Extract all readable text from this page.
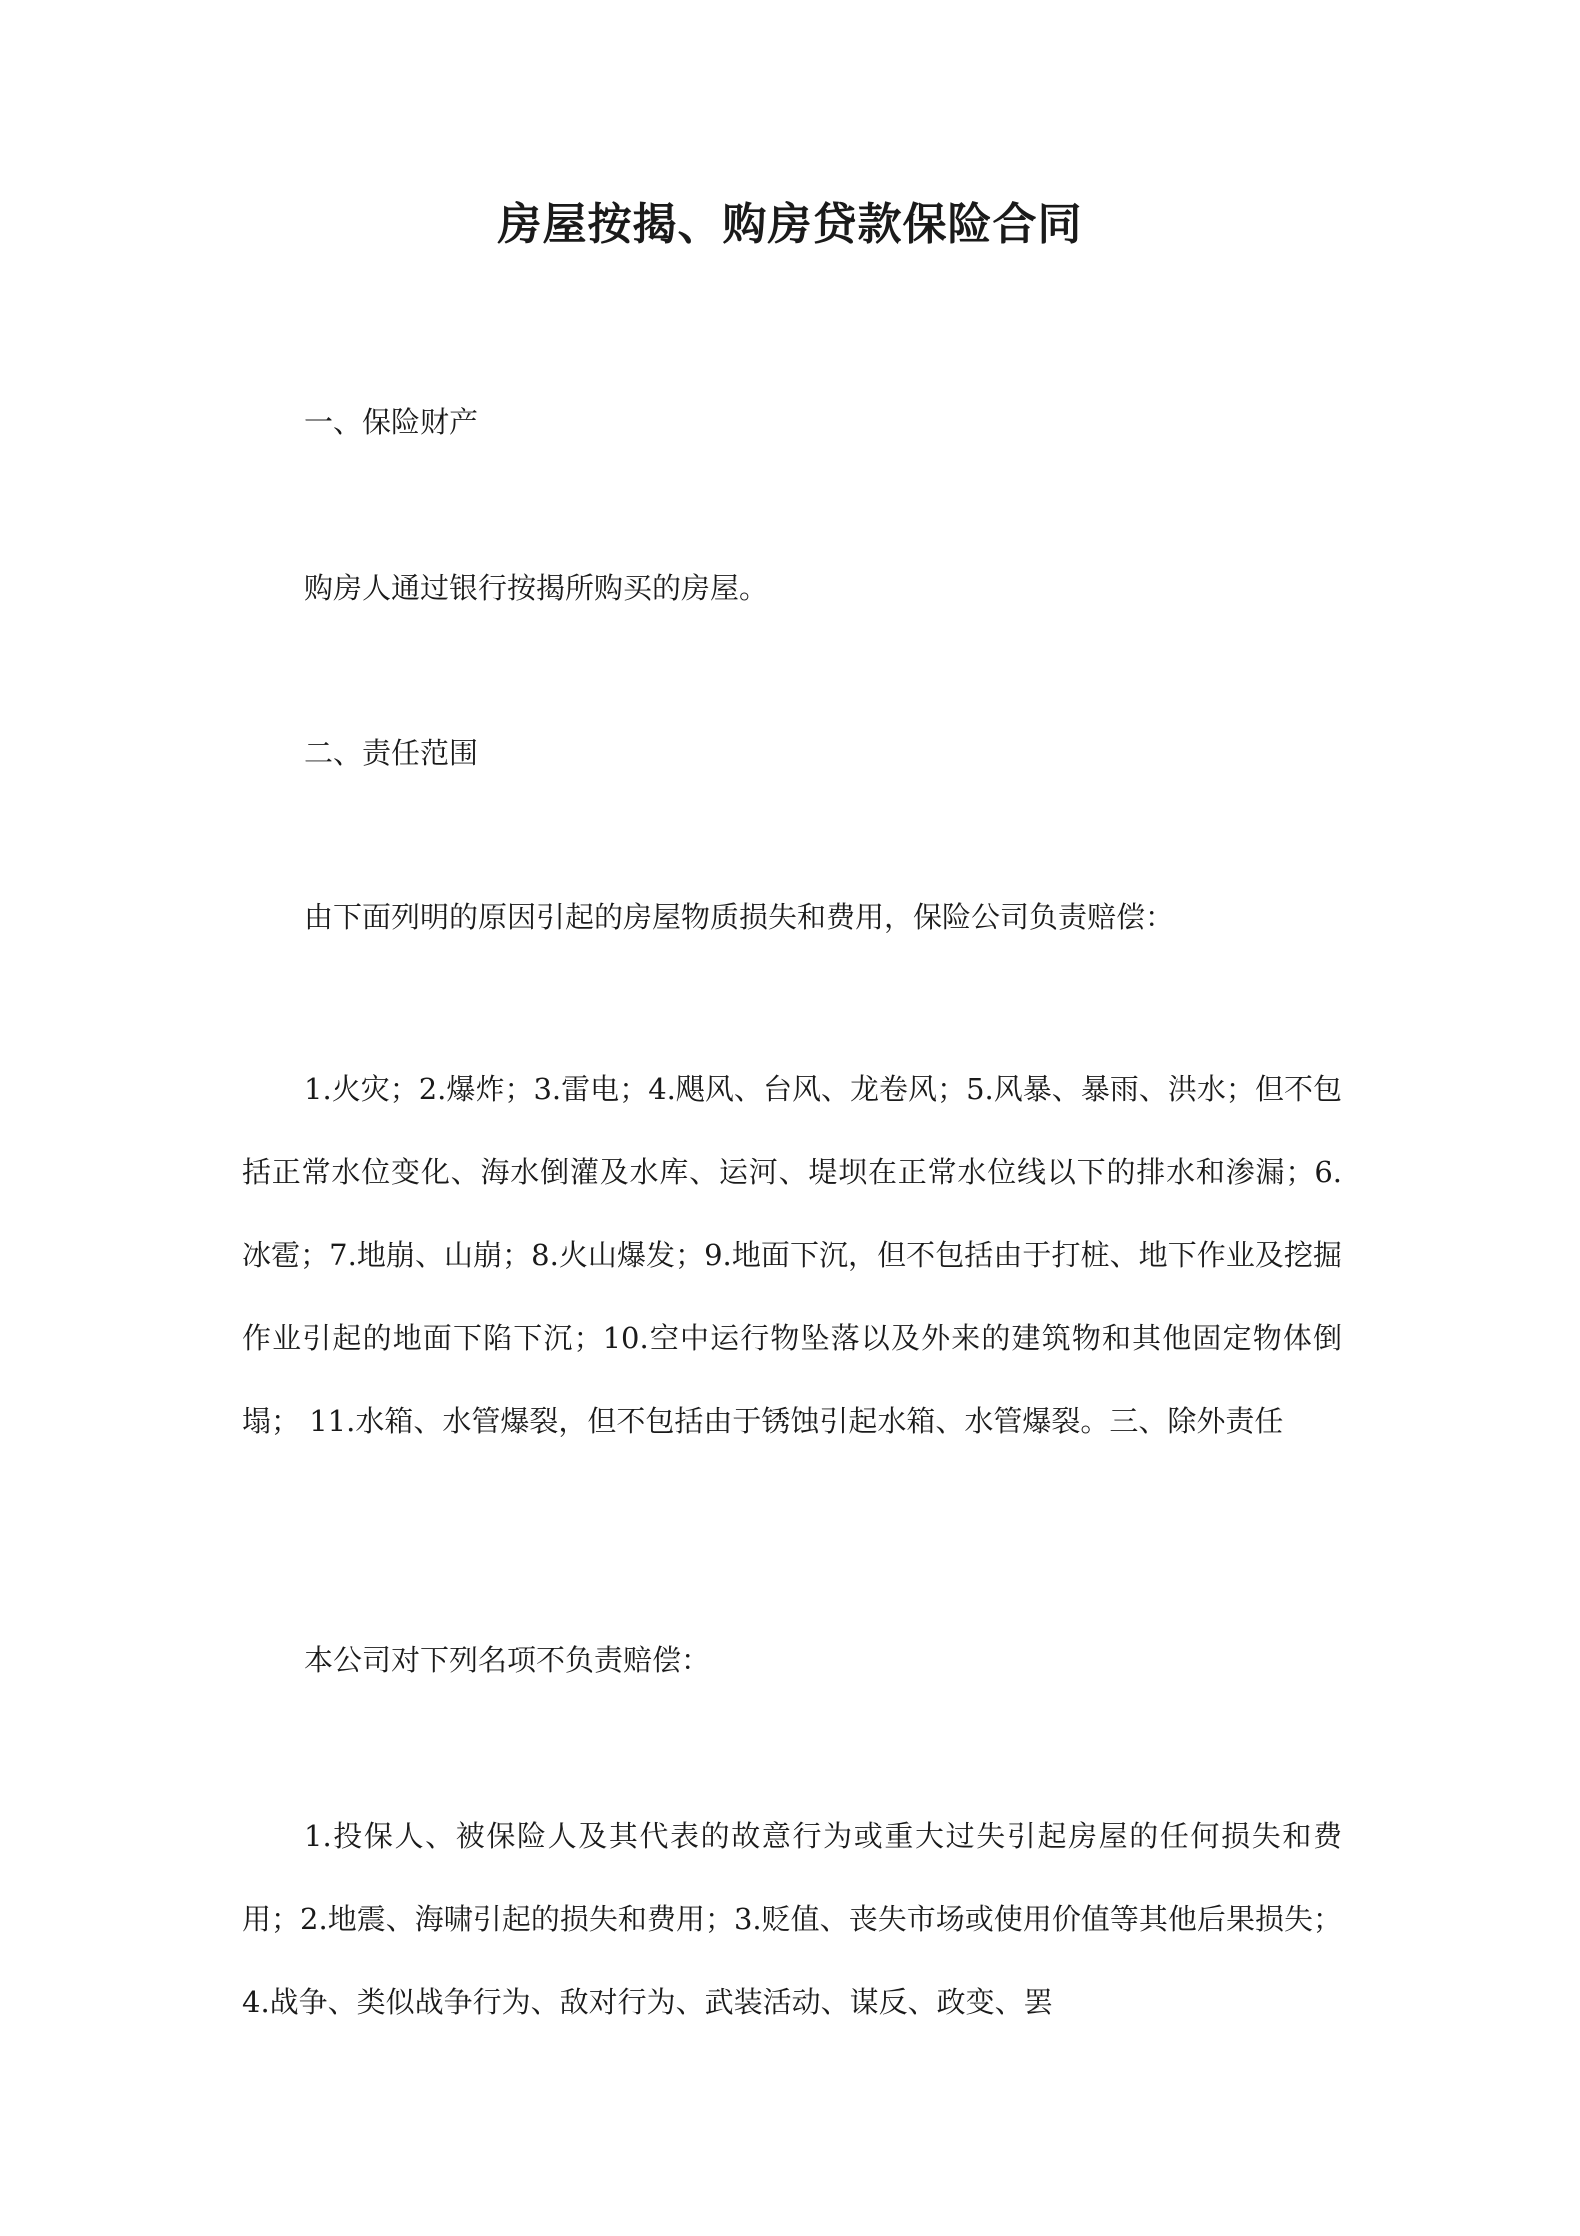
房屋按揭、购房贷款保险合同

一、保险财产

购房人通过银行按揭所购买的房屋。

二、责任范围

由下面列明的原因引起的房屋物质损失和费用，保险公司负责赔偿：

1.火灾；2.爆炸；3.雷电；4.飓风、台风、龙卷风；5.风暴、暴雨、洪水；但不包括正常水位变化、海水倒灌及水库、运河、堤坝在正常水位线以下的排水和渗漏；6.冰雹；7.地崩、山崩；8.火山爆发；9.地面下沉，但不包括由于打桩、地下作业及挖掘作业引起的地面下陷下沉；10.空中运行物坠落以及外来的建筑物和其他固定物体倒塌； 11.水箱、水管爆裂，但不包括由于锈蚀引起水箱、水管爆裂。三、除外责任

本公司对下列名项不负责赔偿：

1.投保人、被保险人及其代表的故意行为或重大过失引起房屋的任何损失和费用；2.地震、海啸引起的损失和费用；3.贬值、丧失市场或使用价值等其他后果损失；4.战争、类似战争行为、敌对行为、武装活动、谋反、政变、罢
